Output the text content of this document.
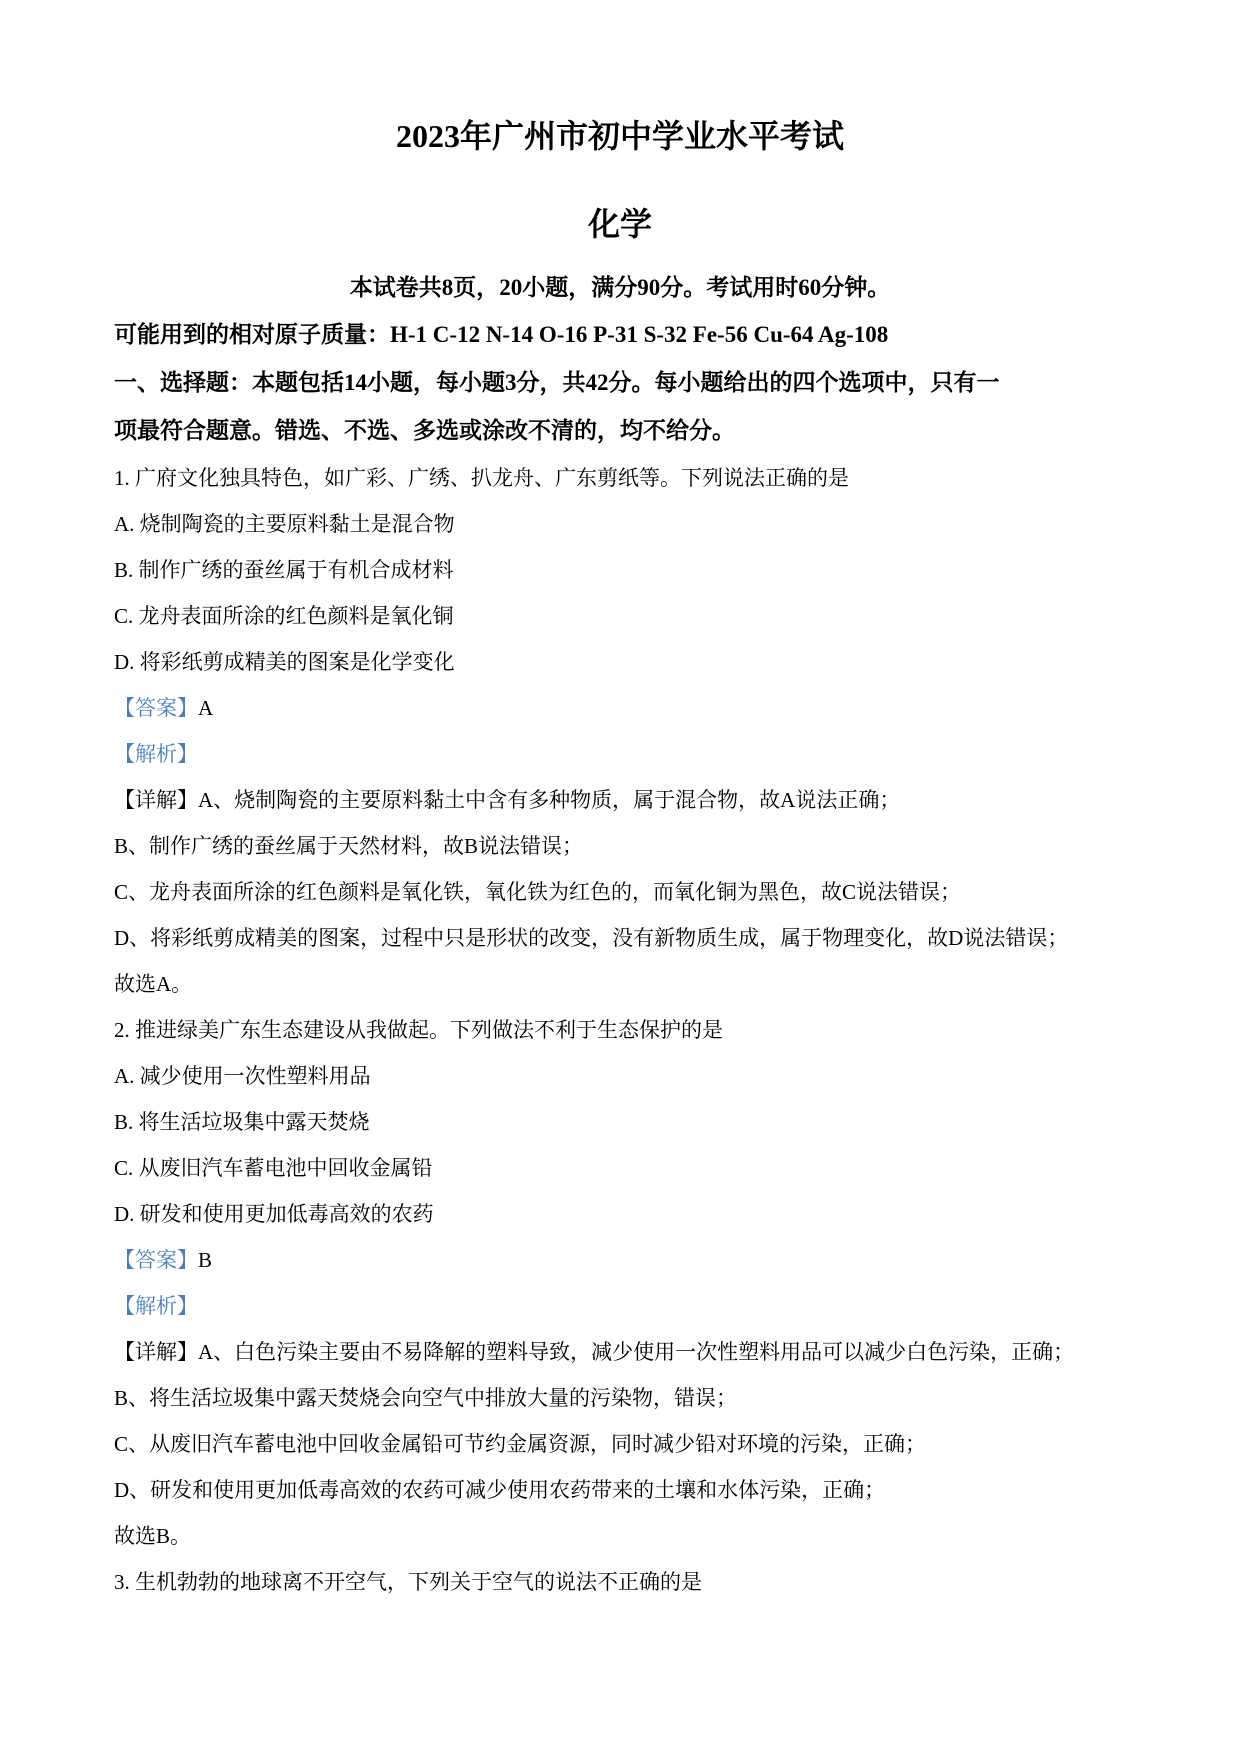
2023年广州市初中学业水平考试
化学
本试卷共8页，20小题，满分90分。考试用时60分钟。
可能用到的相对原子质量：H-1 C-12 N-14 O-16 P-31 S-32 Fe-56 Cu-64 Ag-108
一、选择题：本题包括14小题，每小题3分，共42分。每小题给出的四个选项中，只有一
项最符合题意。错选、不选、多选或涂改不清的，均不给分。
1. 广府文化独具特色，如广彩、广绣、扒龙舟、广东剪纸等。下列说法正确的是
A. 烧制陶瓷的主要原料黏土是混合物
B. 制作广绣的蚕丝属于有机合成材料
C. 龙舟表面所涂的红色颜料是氧化铜
D. 将彩纸剪成精美的图案是化学变化
【答案】A
【解析】
【详解】A、烧制陶瓷的主要原料黏土中含有多种物质，属于混合物，故A说法正确；
B、制作广绣的蚕丝属于天然材料，故B说法错误；
C、龙舟表面所涂的红色颜料是氧化铁，氧化铁为红色的，而氧化铜为黑色，故C说法错误；
D、将彩纸剪成精美的图案，过程中只是形状的改变，没有新物质生成，属于物理变化，故D说法错误；
故选A。
2. 推进绿美广东生态建设从我做起。下列做法不利于生态保护的是
A. 减少使用一次性塑料用品
B. 将生活垃圾集中露天焚烧
C. 从废旧汽车蓄电池中回收金属铅
D. 研发和使用更加低毒高效的农药
【答案】B
【解析】
【详解】A、白色污染主要由不易降解的塑料导致，减少使用一次性塑料用品可以减少白色污染，正确；
B、将生活垃圾集中露天焚烧会向空气中排放大量的污染物，错误；
C、从废旧汽车蓄电池中回收金属铅可节约金属资源，同时减少铅对环境的污染，正确；
D、研发和使用更加低毒高效的农药可减少使用农药带来的土壤和水体污染，正确；
故选B。
3. 生机勃勃的地球离不开空气，下列关于空气的说法不正确的是
